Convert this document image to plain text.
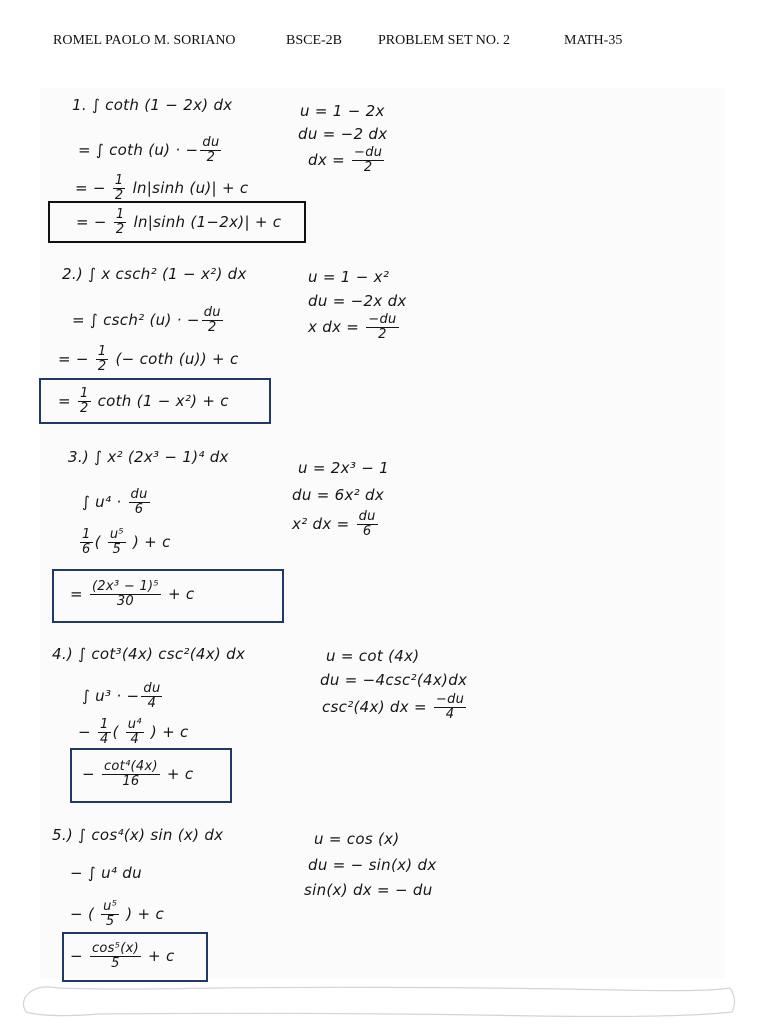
ROMEL PAOLO M. SORIANO	BSCE-2B	PROBLEM SET NO. 2	MATH-35
1. ∫ coth (1 − 2x) dx
= ∫ coth (u) · − $\frac{du}{2}$
= − $\frac{1}{2} \ln|\sinh$ (u)| + c
= − $\frac{1}{2} \ln|\sinh$ (1−2x)| + c
u = 1 − 2x
du = −2 dx
dx = $\frac{-du}{2}$
2.) ∫ x csch² (1 − x²) dx
= ∫ csch² (u) · − $\frac{du}{2}$
= − $\frac{1}{2}$ (− coth (u)) + c
= $\frac{1}{2}$ coth (1 − x²) + c
u = 1 − x²
du = −2x dx
x dx = $\frac{-du}{2}$
3.) ∫ x² (2x³ − 1)⁴ dx
∫ $u^4 \cdot \frac{du}{6}$
$\frac{1}{6}$ ( $\frac{\text{u⁵}}{5}$ ) + c
= $\frac{\text{(2x³ − 1)⁵}}{30} + c$
u = 2x³ − 1
du = 6x² dx
x² dx = $\frac{du}{6}$
4.) ∫ cot³(4x) csc²(4x) dx
∫ u³ · − $\frac{du}{4}$
− $\frac{1}{4}$ ( $\frac{\text{u⁴}}{4}$ ) + c
− $\frac{\text{cot⁴(4x)}}{16} + c$
u = cot (4x)
du = −4csc²(4x)dx
csc²(4x) dx = $\frac{-du}{4}$
5.) ∫ cos⁴(x) sin (x) dx
− ∫ u⁴ du
− ( $\frac{\text{u⁵}}{5}$ ) + c
− $\frac{\text{cos⁵(x)}}{5} + c$
u = cos (x)
du = − sin(x) dx
sin(x) dx = − du
